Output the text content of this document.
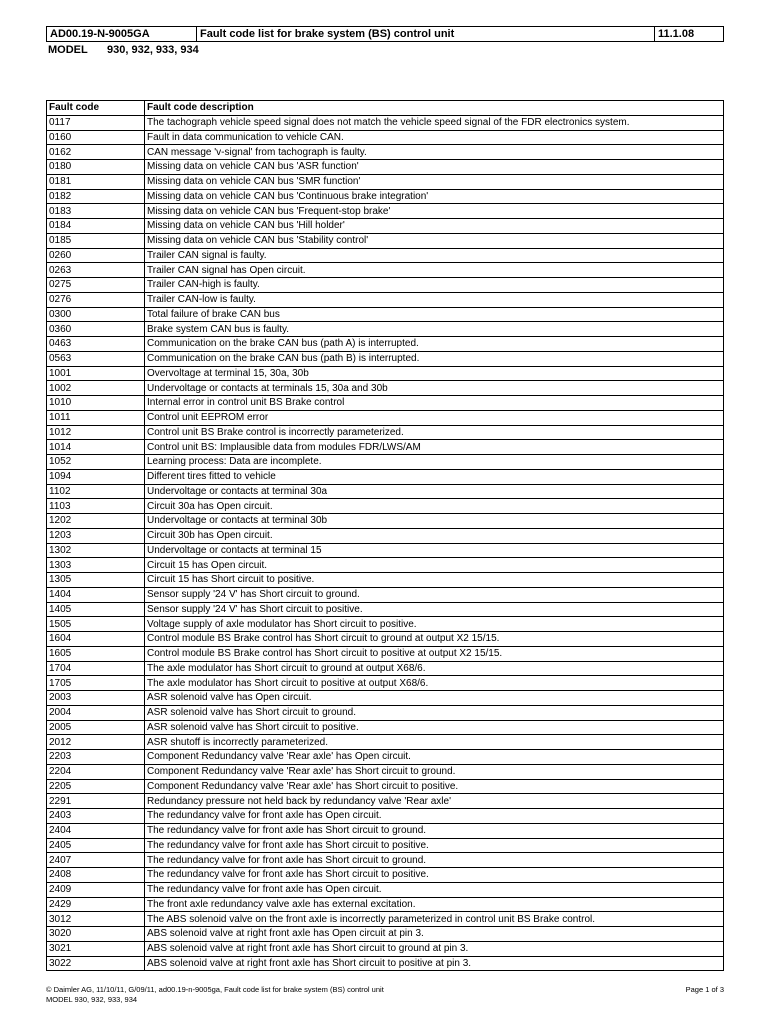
AD00.19-N-9005GA	Fault code list for brake system (BS) control unit	11.1.08
MODEL 930, 932, 933, 934
Fault code	Fault code description
0117	The tachograph vehicle speed signal does not match the vehicle speed signal of the FDR electronics system.
0160	Fault in data communication to vehicle CAN.
0162	CAN message 'v-signal' from tachograph is faulty.
0180	Missing data on vehicle CAN bus 'ASR function'
0181	Missing data on vehicle CAN bus 'SMR function'
0182	Missing data on vehicle CAN bus 'Continuous brake integration'
0183	Missing data on vehicle CAN bus 'Frequent-stop brake'
0184	Missing data on vehicle CAN bus 'Hill holder'
0185	Missing data on vehicle CAN bus 'Stability control'
0260	Trailer CAN signal is faulty.
0263	Trailer CAN signal has Open circuit.
0275	Trailer CAN-high is faulty.
0276	Trailer CAN-low is faulty.
0300	Total failure of brake CAN bus
0360	Brake system CAN bus is faulty.
0463	Communication on the brake CAN bus (path A) is interrupted.
0563	Communication on the brake CAN bus (path B) is interrupted.
1001	Overvoltage at terminal 15, 30a, 30b
1002	Undervoltage or contacts at terminals 15, 30a and 30b
1010	Internal error in control unit BS Brake control
1011	Control unit EEPROM error
1012	Control unit BS Brake control is incorrectly parameterized.
1014	Control unit BS: Implausible data from modules FDR/LWS/AM
1052	Learning process: Data are incomplete.
1094	Different tires fitted to vehicle
1102	Undervoltage or contacts at terminal 30a
1103	Circuit 30a has Open circuit.
1202	Undervoltage or contacts at terminal 30b
1203	Circuit 30b has Open circuit.
1302	Undervoltage or contacts at terminal 15
1303	Circuit 15 has Open circuit.
1305	Circuit 15 has Short circuit to positive.
1404	Sensor supply '24 V' has Short circuit to ground.
1405	Sensor supply '24 V' has Short circuit to positive.
1505	Voltage supply of axle modulator has Short circuit to positive.
1604	Control module BS Brake control has Short circuit to ground at output X2 15/15.
1605	Control module BS Brake control has Short circuit to positive at output X2 15/15.
1704	The axle modulator has Short circuit to ground at output X68/6.
1705	The axle modulator has Short circuit to positive at output X68/6.
2003	ASR solenoid valve has Open circuit.
2004	ASR solenoid valve has Short circuit to ground.
2005	ASR solenoid valve has Short circuit to positive.
2012	ASR shutoff is incorrectly parameterized.
2203	Component Redundancy valve 'Rear axle' has Open circuit.
2204	Component Redundancy valve 'Rear axle' has Short circuit to ground.
2205	Component Redundancy valve 'Rear axle' has Short circuit to positive.
2291	Redundancy pressure not held back by redundancy valve 'Rear axle'
2403	The redundancy valve for front axle has Open circuit.
2404	The redundancy valve for front axle has Short circuit to ground.
2405	The redundancy valve for front axle has Short circuit to positive.
2407	The redundancy valve for front axle has Short circuit to ground.
2408	The redundancy valve for front axle has Short circuit to positive.
2409	The redundancy valve for front axle has Open circuit.
2429	The front axle redundancy valve axle has external excitation.
3012	The ABS solenoid valve on the front axle is incorrectly parameterized in control unit BS Brake control.
3020	ABS solenoid valve at right front axle has Open circuit at pin 3.
3021	ABS solenoid valve at right front axle has Short circuit to ground at pin 3.
3022	ABS solenoid valve at right front axle has Short circuit to positive at pin 3.
© Daimler AG, 11/10/11, G/09/11, ad00.19-n-9005ga, Fault code list for brake system (BS) control unit
MODEL 930, 932, 933, 934
Page 1 of 3
